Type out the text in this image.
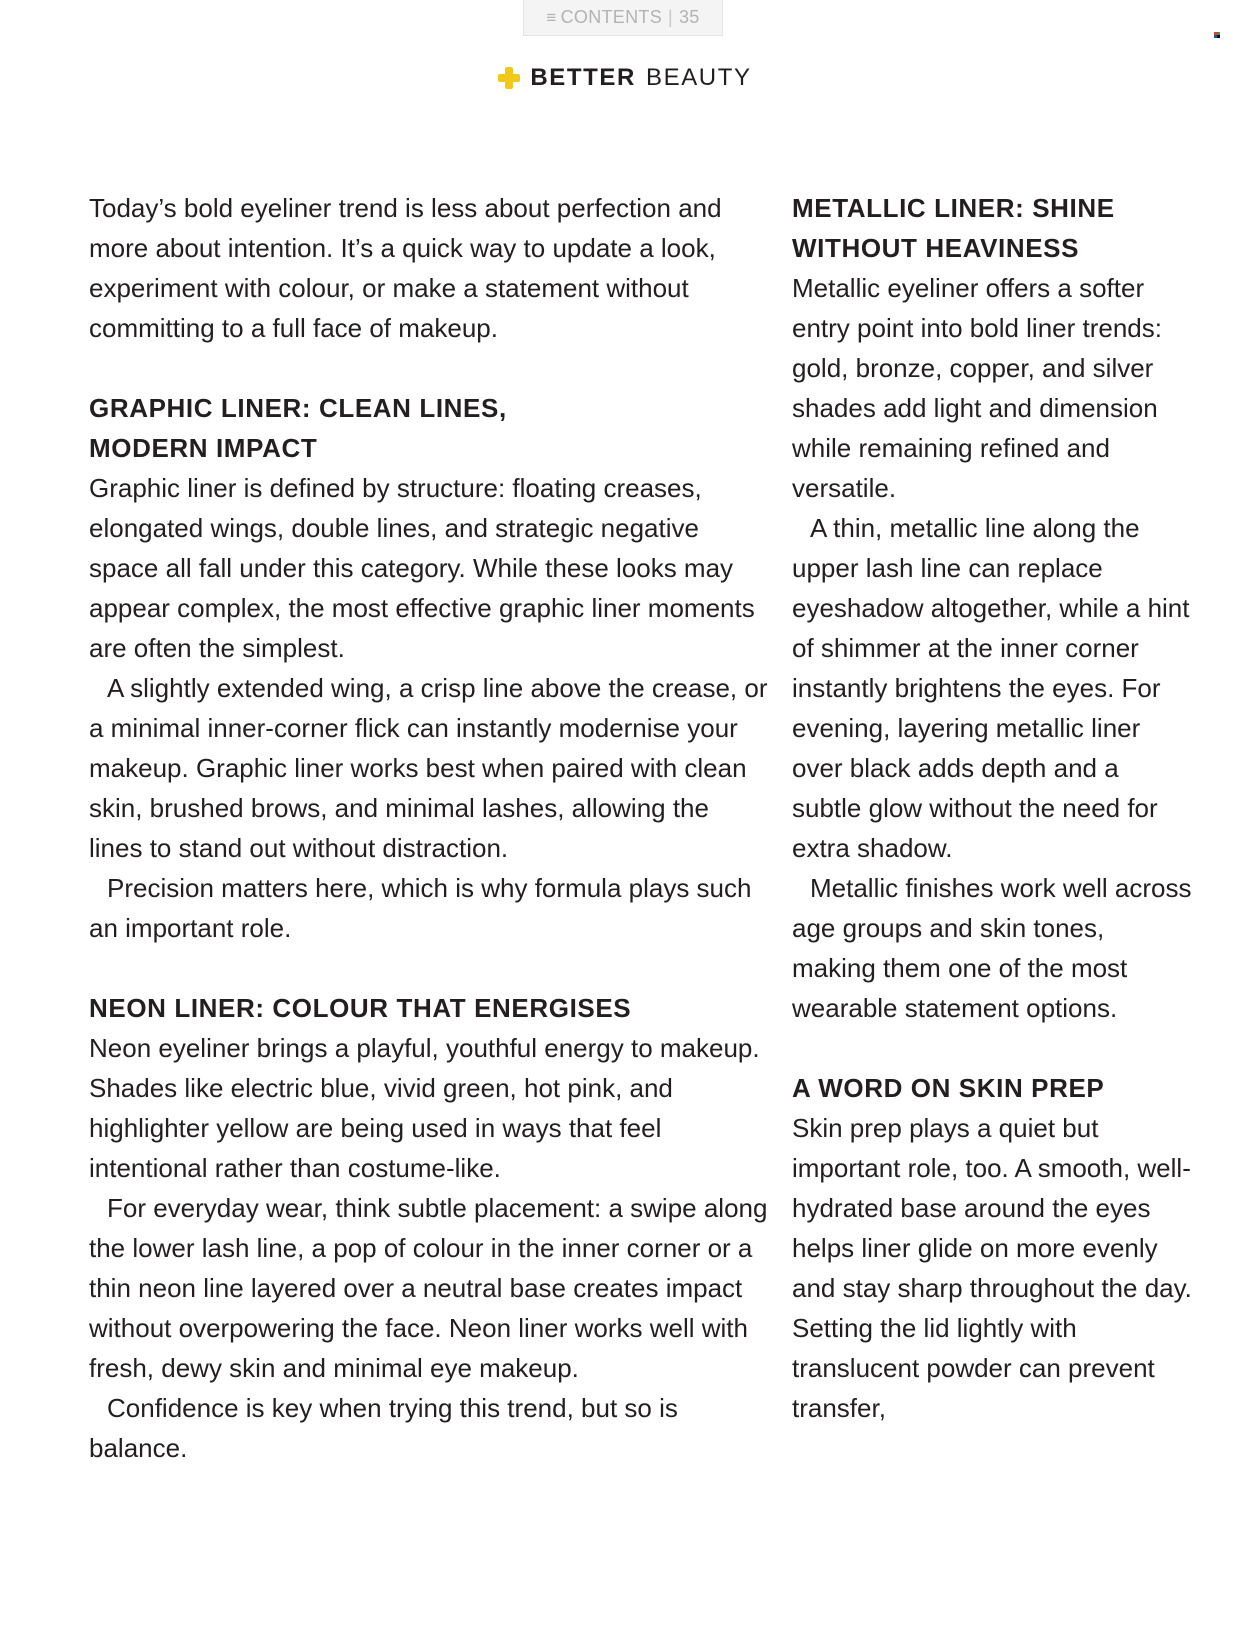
≡ CONTENTS | 35
BETTER BEAUTY

Today’s bold eyeliner trend is less about perfection and more about intention. It’s a quick way to update a look, experiment with colour, or make a statement without committing to a full face of makeup.

GRAPHIC LINER: CLEAN LINES,
MODERN IMPACT

Graphic liner is defined by structure: floating creases, elongated wings, double lines, and strategic negative space all fall under this category. While these looks may appear complex, the most effective graphic liner moments are often the simplest.

A slightly extended wing, a crisp line above the crease, or a minimal inner-corner flick can instantly modernise your makeup. Graphic liner works best when paired with clean skin, brushed brows, and minimal lashes, allowing the lines to stand out without distraction.

Precision matters here, which is why formula plays such an important role.

NEON LINER: COLOUR THAT ENERGISES

Neon eyeliner brings a playful, youthful energy to makeup. Shades like electric blue, vivid green, hot pink, and highlighter yellow are being used in ways that feel intentional rather than costume-like.

For everyday wear, think subtle placement: a swipe along the lower lash line, a pop of colour in the inner corner or a thin neon line layered over a neutral base creates impact without overpowering the face. Neon liner works well with fresh, dewy skin and minimal eye makeup.

Confidence is key when trying this trend, but so is balance.

METALLIC LINER: SHINE
WITHOUT HEAVINESS

Metallic eyeliner offers a softer entry point into bold liner trends: gold, bronze, copper, and silver shades add light and dimension while remaining refined and versatile.

A thin, metallic line along the upper lash line can replace eyeshadow altogether, while a hint of shimmer at the inner corner instantly brightens the eyes. For evening, layering metallic liner over black adds depth and a subtle glow without the need for extra shadow.

Metallic finishes work well across age groups and skin tones, making them one of the most wearable statement options.

A WORD ON SKIN PREP

Skin prep plays a quiet but important role, too. A smooth, well-hydrated base around the eyes helps liner glide on more evenly and stay sharp throughout the day. Setting the lid lightly with translucent powder can prevent transfer,
